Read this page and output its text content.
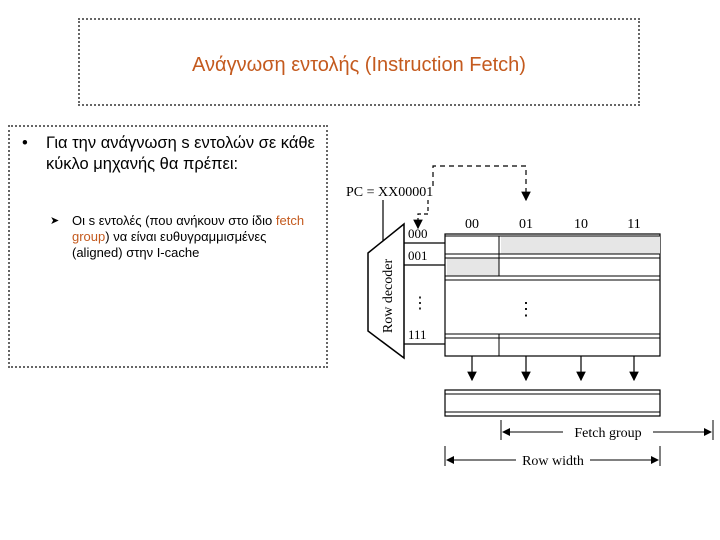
Ανάγνωση εντολής (Instruction Fetch)
•	Για την ανάγνωση s εντολών σε κάθε κύκλο μηχανής θα πρέπει:
➤ Οι s εντολές (που ανήκουν στο ίδιο fetch group) να είναι ευθυγραμμισμένες (aligned) στην I-cache
PC = XX00001
Row decoder
000
001
111
⋮
00	01	10	11
⋮
Fetch group
Row width
